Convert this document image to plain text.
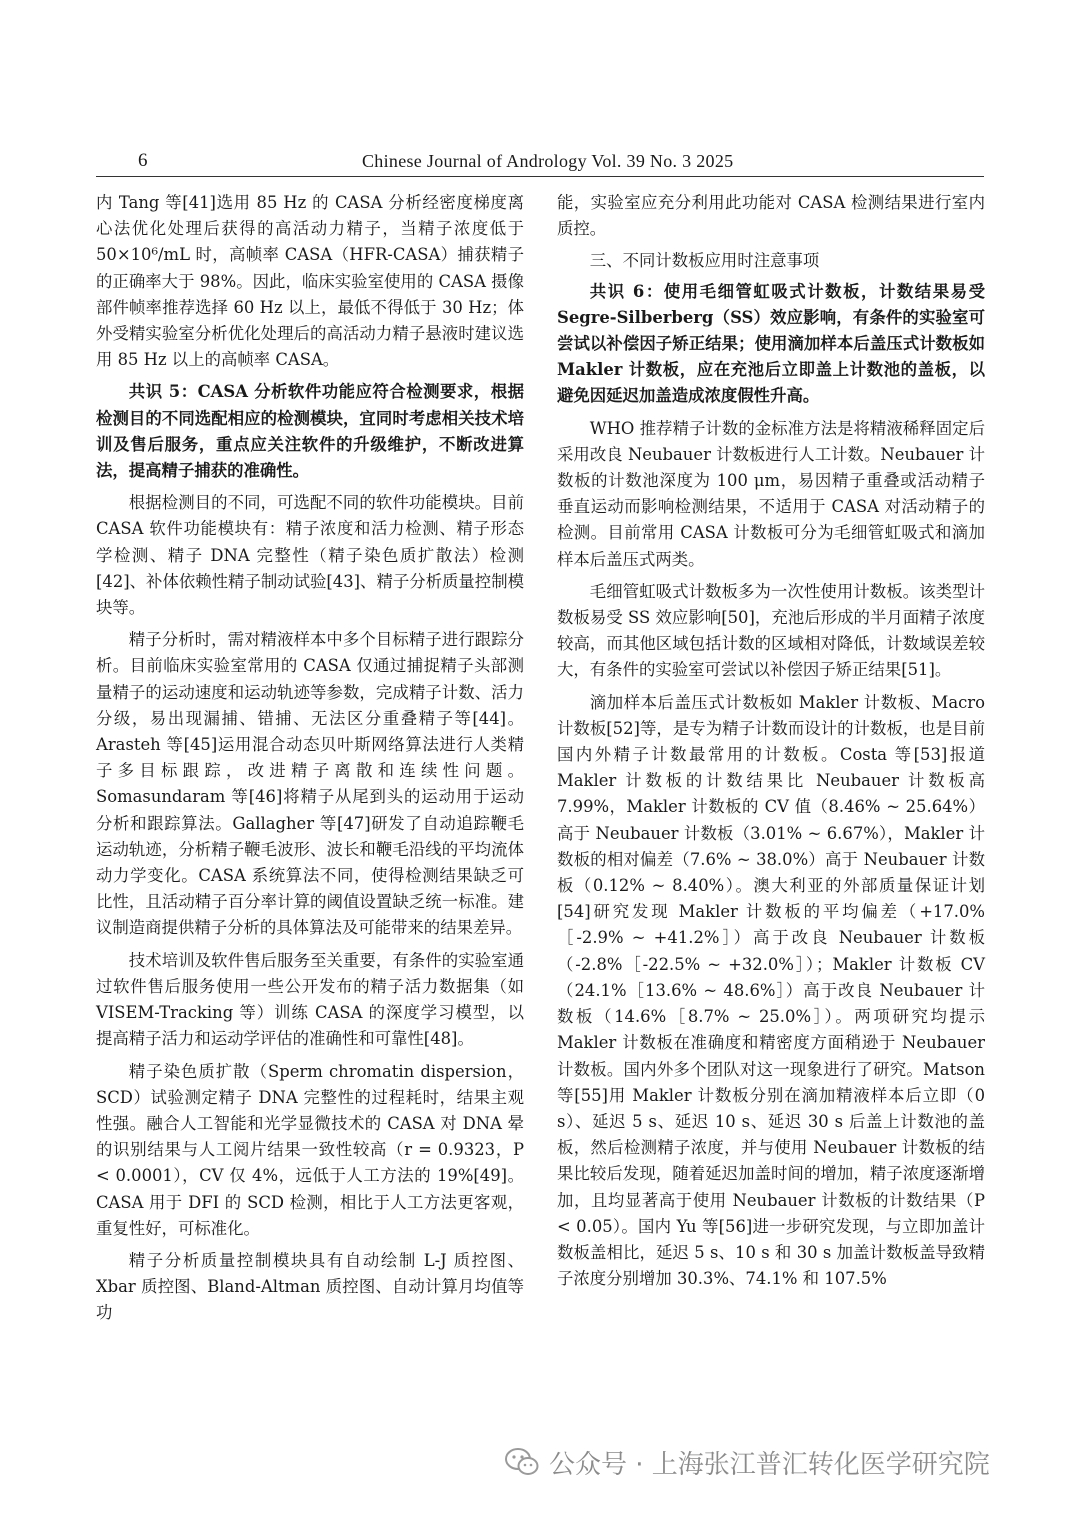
6	Chinese Journal of Andrology Vol. 39 No. 3 2025

内 Tang 等[41]选用 85 Hz 的 CASA 分析经密度梯度离心法优化处理后获得的高活动力精子，当精子浓度低于 50×10⁶/mL 时，高帧率 CASA（HFR-CASA）捕获精子的正确率大于 98%。因此，临床实验室使用的 CASA 摄像部件帧率推荐选择 60 Hz 以上，最低不得低于 30 Hz；体外受精实验室分析优化处理后的高活动力精子悬液时建议选用 85 Hz 以上的高帧率 CASA。

共识 5：CASA 分析软件功能应符合检测要求，根据检测目的不同选配相应的检测模块，宜同时考虑相关技术培训及售后服务，重点应关注软件的升级维护，不断改进算法，提高精子捕获的准确性。

根据检测目的不同，可选配不同的软件功能模块。目前 CASA 软件功能模块有：精子浓度和活力检测、精子形态学检测、精子 DNA 完整性（精子染色质扩散法）检测[42]、补体依赖性精子制动试验[43]、精子分析质量控制模块等。

精子分析时，需对精液样本中多个目标精子进行跟踪分析。目前临床实验室常用的 CASA 仅通过捕捉精子头部测量精子的运动速度和运动轨迹等参数，完成精子计数、活力分级，易出现漏捕、错捕、无法区分重叠精子等[44]。Arasteh 等[45]运用混合动态贝叶斯网络算法进行人类精子多目标跟踪，改进精子离散和连续性问题。Somasundaram 等[46]将精子从尾到头的运动用于运动分析和跟踪算法。Gallagher 等[47]研发了自动追踪鞭毛运动轨迹，分析精子鞭毛波形、波长和鞭毛沿线的平均流体动力学变化。CASA 系统算法不同，使得检测结果缺乏可比性，且活动精子百分率计算的阈值设置缺乏统一标准。建议制造商提供精子分析的具体算法及可能带来的结果差异。

技术培训及软件售后服务至关重要，有条件的实验室通过软件售后服务使用一些公开发布的精子活力数据集（如 VISEM-Tracking 等）训练 CASA 的深度学习模型，以提高精子活力和运动学评估的准确性和可靠性[48]。

精子染色质扩散（Sperm chromatin dispersion，SCD）试验测定精子 DNA 完整性的过程耗时，结果主观性强。融合人工智能和光学显微技术的 CASA 对 DNA 晕的识别结果与人工阅片结果一致性较高（r = 0.9323，P < 0.0001），CV 仅 4%，远低于人工方法的 19%[49]。CASA 用于 DFI 的 SCD 检测，相比于人工方法更客观，重复性好，可标准化。

精子分析质量控制模块具有自动绘制 L-J 质控图、Xbar 质控图、Bland-Altman 质控图、自动计算月均值等功

能，实验室应充分利用此功能对 CASA 检测结果进行室内质控。

三、不同计数板应用时注意事项

共识 6：使用毛细管虹吸式计数板，计数结果易受 Segre-Silberberg（SS）效应影响，有条件的实验室可尝试以补偿因子矫正结果；使用滴加样本后盖压式计数板如 Makler 计数板，应在充池后立即盖上计数池的盖板，以避免因延迟加盖造成浓度假性升高。

WHO 推荐精子计数的金标准方法是将精液稀释固定后采用改良 Neubauer 计数板进行人工计数。Neubauer 计数板的计数池深度为 100 μm，易因精子重叠或活动精子垂直运动而影响检测结果，不适用于 CASA 对活动精子的检测。目前常用 CASA 计数板可分为毛细管虹吸式和滴加样本后盖压式两类。

毛细管虹吸式计数板多为一次性使用计数板。该类型计数板易受 SS 效应影响[50]，充池后形成的半月面精子浓度较高，而其他区域包括计数的区域相对降低，计数域误差较大，有条件的实验室可尝试以补偿因子矫正结果[51]。

滴加样本后盖压式计数板如 Makler 计数板、Macro 计数板[52]等，是专为精子计数而设计的计数板，也是目前国内外精子计数最常用的计数板。Costa 等[53]报道 Makler 计数板的计数结果比 Neubauer 计数板高 7.99%，Makler 计数板的 CV 值（8.46% ~ 25.64%）高于 Neubauer 计数板（3.01% ~ 6.67%），Makler 计数板的相对偏差（7.6% ~ 38.0%）高于 Neubauer 计数板（0.12% ~ 8.40%）。澳大利亚的外部质量保证计划[54]研究发现 Makler 计数板的平均偏差（+17.0%［-2.9% ~ +41.2%］）高于改良 Neubauer 计数板（-2.8%［-22.5% ~ +32.0%］）；Makler 计数板 CV（24.1%［13.6% ~ 48.6%］）高于改良 Neubauer 计数板（14.6%［8.7% ~ 25.0%］）。两项研究均提示 Makler 计数板在准确度和精密度方面稍逊于 Neubauer 计数板。国内外多个团队对这一现象进行了研究。Matson 等[55]用 Makler 计数板分别在滴加精液样本后立即（0 s）、延迟 5 s、延迟 10 s、延迟 30 s 后盖上计数池的盖板，然后检测精子浓度，并与使用 Neubauer 计数板的结果比较后发现，随着延迟加盖时间的增加，精子浓度逐渐增加，且均显著高于使用 Neubauer 计数板的计数结果（P < 0.05）。国内 Yu 等[56]进一步研究发现，与立即加盖计数板盖相比，延迟 5 s、10 s 和 30 s 加盖计数板盖导致精子浓度分别增加 30.3%、74.1% 和 107.5%

公众号 · 上海张江普汇转化医学研究院
